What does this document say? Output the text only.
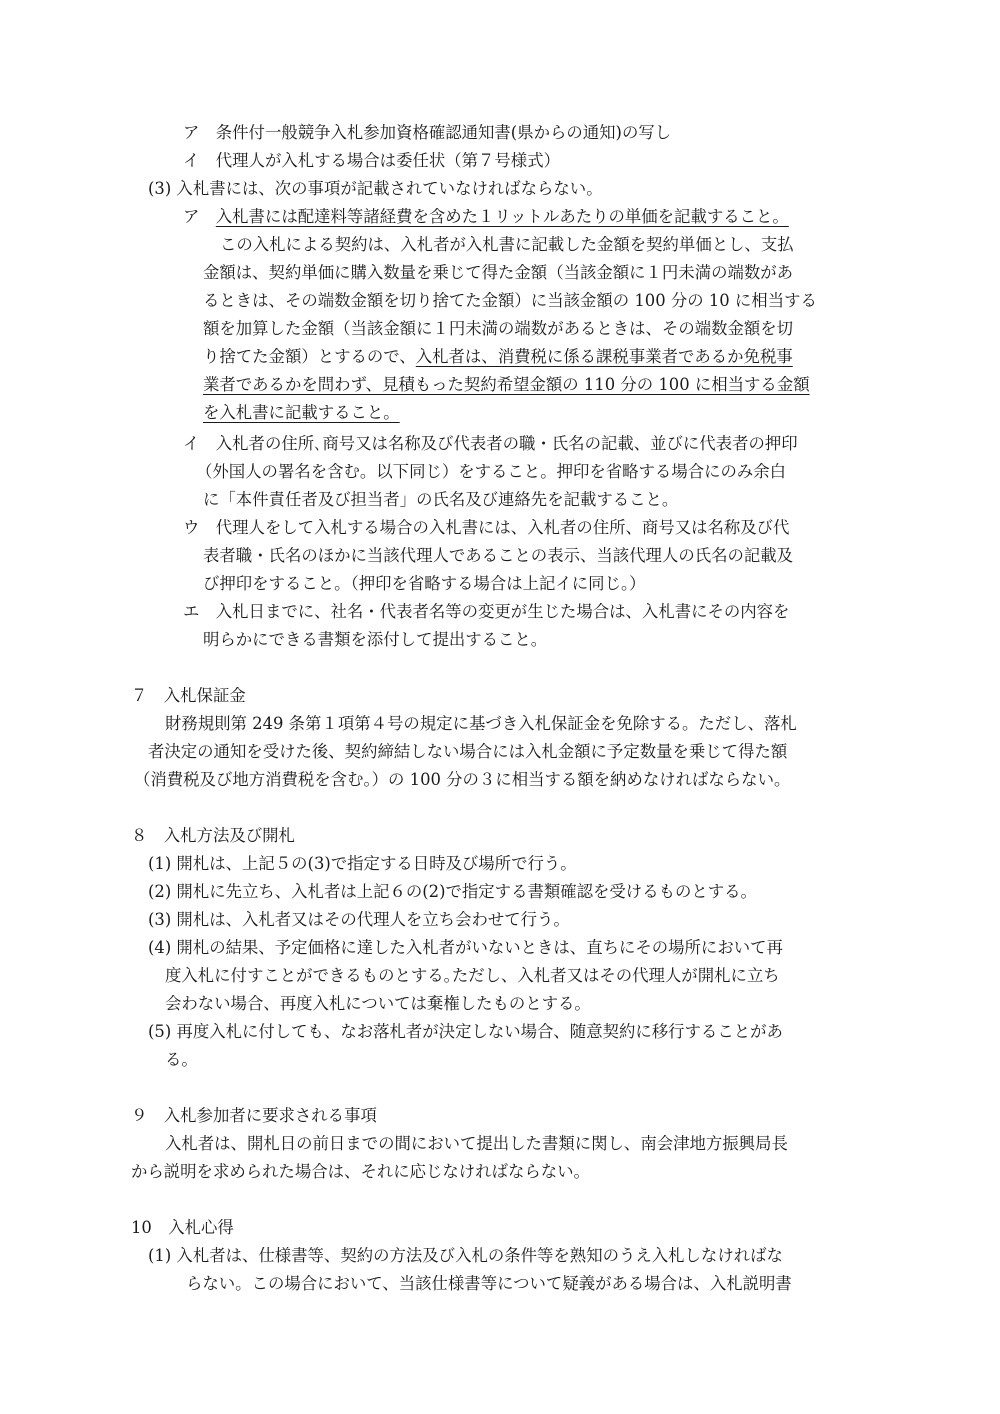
ア　条件付一般競争入札参加資格確認通知書(県からの通知)の写し
イ　代理人が入札する場合は委任状（第７号様式）
(3) 入札書には、次の事項が記載されていなければならない。
ア　入札書には配達料等諸経費を含めた１リットルあたりの単価を記載すること。
この入札による契約は、入札者が入札書に記載した金額を契約単価とし、支払
金額は、契約単価に購入数量を乗じて得た金額（当該金額に１円未満の端数があ
るときは、その端数金額を切り捨てた金額）に当該金額の 100 分の 10 に相当する
額を加算した金額（当該金額に１円未満の端数があるときは、その端数金額を切
り捨てた金額）とするので、入札者は、消費税に係る課税事業者であるか免税事
業者であるかを問わず、見積もった契約希望金額の 110 分の 100 に相当する金額
を入札書に記載すること。
イ　入札者の住所､商号又は名称及び代表者の職・氏名の記載、並びに代表者の押印
（外国人の署名を含む。以下同じ）をすること。押印を省略する場合にのみ余白
に「本件責任者及び担当者」の氏名及び連絡先を記載すること。
ウ　代理人をして入札する場合の入札書には、入札者の住所、商号又は名称及び代
表者職・氏名のほかに当該代理人であることの表示、当該代理人の氏名の記載及
び押印をすること。（押印を省略する場合は上記イに同じ。）
エ　入札日までに、社名・代表者名等の変更が生じた場合は、入札書にその内容を
明らかにできる書類を添付して提出すること。
７　入札保証金
財務規則第 249 条第１項第４号の規定に基づき入札保証金を免除する。ただし、落札
者決定の通知を受けた後、契約締結しない場合には入札金額に予定数量を乗じて得た額
（消費税及び地方消費税を含む。）の 100 分の３に相当する額を納めなければならない。
８　入札方法及び開札
(1) 開札は、上記５の(3)で指定する日時及び場所で行う。
(2) 開札に先立ち、入札者は上記６の(2)で指定する書類確認を受けるものとする。
(3) 開札は、入札者又はその代理人を立ち会わせて行う。
(4) 開札の結果、予定価格に達した入札者がいないときは、直ちにその場所において再
度入札に付すことができるものとする｡ただし、入札者又はその代理人が開札に立ち
会わない場合、再度入札については棄権したものとする。
(5) 再度入札に付しても、なお落札者が決定しない場合、随意契約に移行することがあ
る。
９　入札参加者に要求される事項
入札者は、開札日の前日までの間において提出した書類に関し、南会津地方振興局長
から説明を求められた場合は、それに応じなければならない。
10　入札心得
(1) 入札者は、仕様書等、契約の方法及び入札の条件等を熟知のうえ入札しなければな
らない。この場合において、当該仕様書等について疑義がある場合は、入札説明書
